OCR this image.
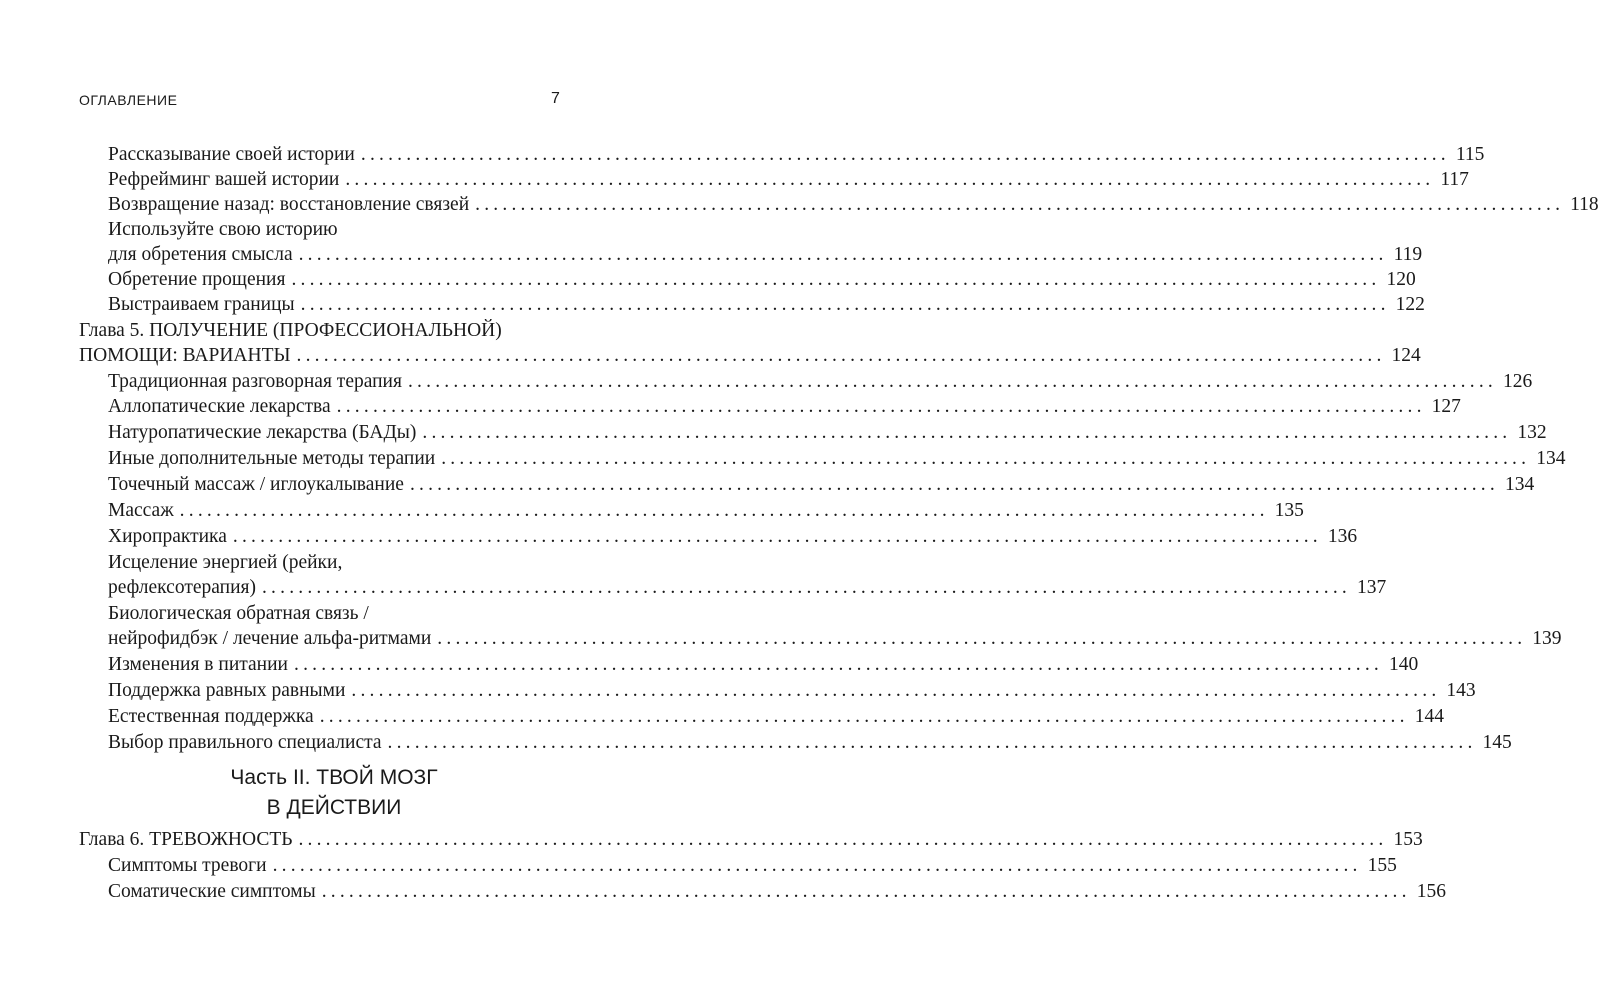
ОГЛАВЛЕНИЕ	7
Рассказывание своей истории ........................................................................................................................ 115
Рефрейминг вашей истории ........................................................................................................................ 117
Возвращение назад: восстановление связей ........................................................................................................................ 118
Используйте свою историю
для обретения смысла ........................................................................................................................ 119
Обретение прощения ........................................................................................................................ 120
Выстраиваем границы ........................................................................................................................ 122
Глава 5. ПОЛУЧЕНИЕ (ПРОФЕССИОНАЛЬНОЙ)
ПОМОЩИ: ВАРИАНТЫ ........................................................................................................................ 124
Традиционная разговорная терапия ........................................................................................................................ 126
Аллопатические лекарства ........................................................................................................................ 127
Натуропатические лекарства (БАДы) ........................................................................................................................ 132
Иные дополнительные методы терапии ........................................................................................................................ 134
Точечный массаж / иглоукалывание ........................................................................................................................ 134
Массаж ........................................................................................................................ 135
Хиропрактика ........................................................................................................................ 136
Исцеление энергией (рейки,
рефлексотерапия) ........................................................................................................................ 137
Биологическая обратная связь /
нейрофидбэк / лечение альфа-ритмами ........................................................................................................................ 139
Изменения в питании ........................................................................................................................ 140
Поддержка равных равными ........................................................................................................................ 143
Естественная поддержка ........................................................................................................................ 144
Выбор правильного специалиста ........................................................................................................................ 145
Часть II. ТВОЙ МОЗГ
В ДЕЙСТВИИ
Глава 6. ТРЕВОЖНОСТЬ ........................................................................................................................ 153
Симптомы тревоги ........................................................................................................................ 155
Соматические симптомы ........................................................................................................................ 156
